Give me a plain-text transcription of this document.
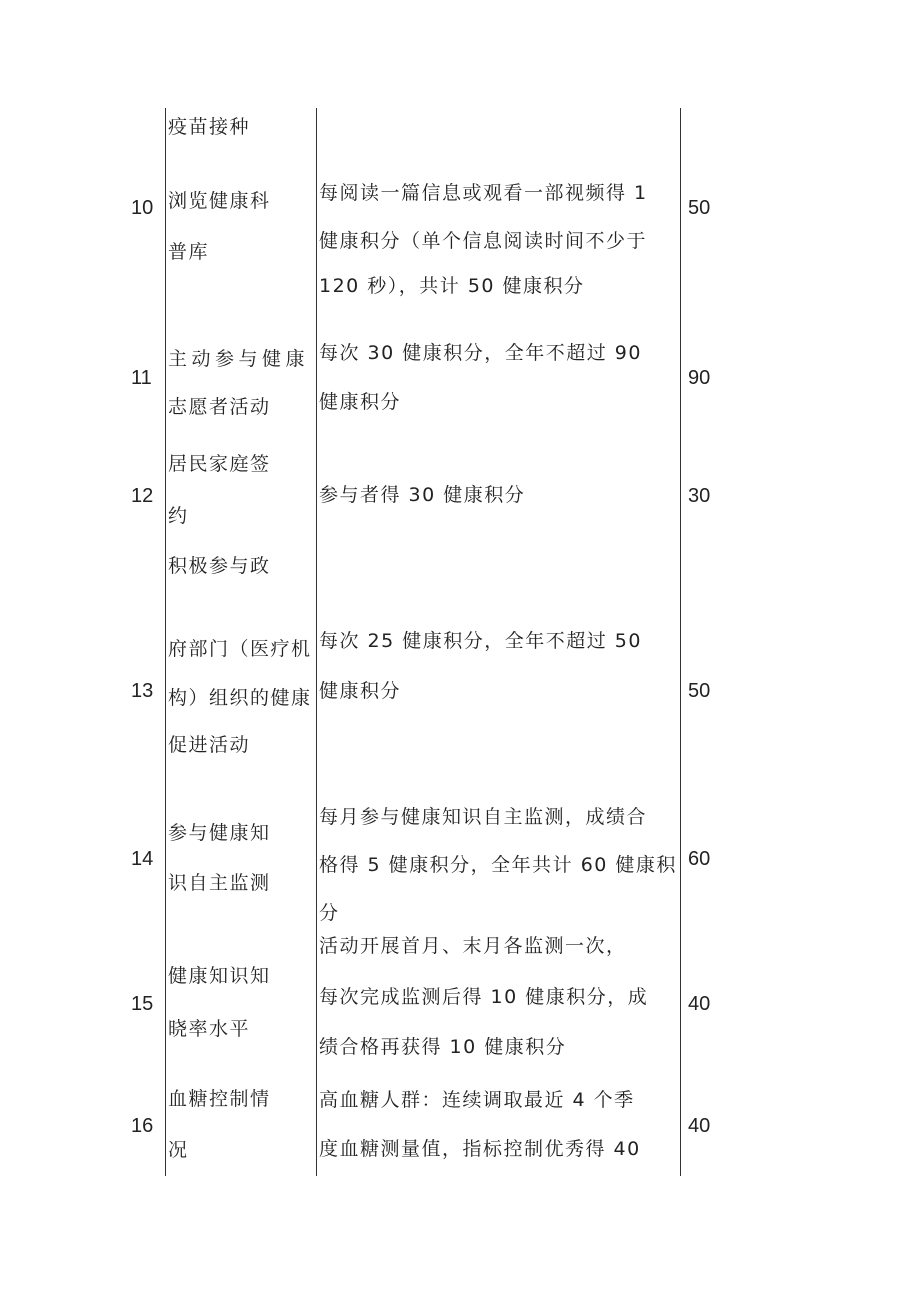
疫苗接种
10 浏览健康科
普库
每阅读一篇信息或观看一部视频得 1
健康积分（单个信息阅读时间不少于
120 秒），共计 50 健康积分
50
11
主动参与健康
志愿者活动
每次 30 健康积分，全年不超过 90
健康积分
90
12
居民家庭签
约
参与者得 30 健康积分	30
13
积极参与政
府部门（医疗机
构）组织的健康
促进活动
每次 25 健康积分，全年不超过 50
健康积分	50
14
参与健康知
识自主监测
每月参与健康知识自主监测，成绩合
格得 5 健康积分，全年共计 60 健康积
分
60
15
健康知识知
晓率水平
活动开展首月、末月各监测一次，
每次完成监测后得 10 健康积分，成
绩合格再获得 10 健康积分
40
16
血糖控制情
况
高血糖人群：连续调取最近 4 个季
度血糖测量值，指标控制优秀得 40
40
